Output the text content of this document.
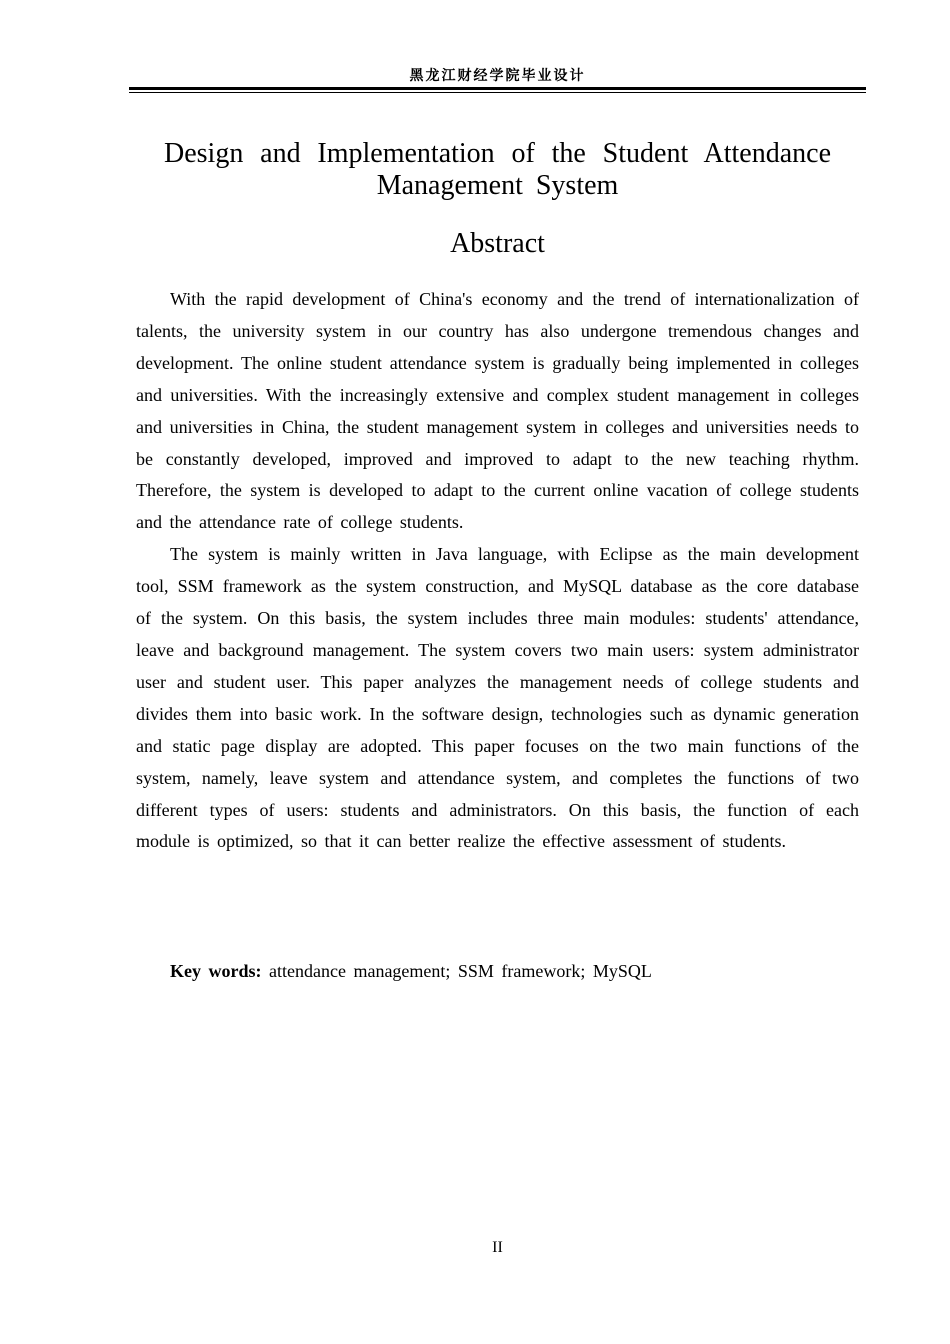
黑龙江财经学院毕业设计
Design and Implementation of the Student Attendance
Management System
Abstract

With the rapid development of China's economy and the trend of internationalization of talents, the university system in our country has also undergone tremendous changes and development. The online student attendance system is gradually being implemented in colleges and universities. With the increasingly extensive and complex student management in colleges and universities in China, the student management system in colleges and universities needs to be constantly developed, improved and improved to adapt to the new teaching rhythm. Therefore, the system is developed to adapt to the current online vacation of college students and the attendance rate of college students.

The system is mainly written in Java language, with Eclipse as the main development tool, SSM framework as the system construction, and MySQL database as the core database of the system. On this basis, the system includes three main modules: students' attendance, leave and background management. The system covers two main users: system administrator user and student user. This paper analyzes the management needs of college students and divides them into basic work. In the software design, technologies such as dynamic generation and static page display are adopted. This paper focuses on the two main functions of the system, namely, leave system and attendance system, and completes the functions of two different types of users: students and administrators. On this basis, the function of each module is optimized, so that it can better realize the effective assessment of students.

Key words: attendance management; SSM framework; MySQL
II
